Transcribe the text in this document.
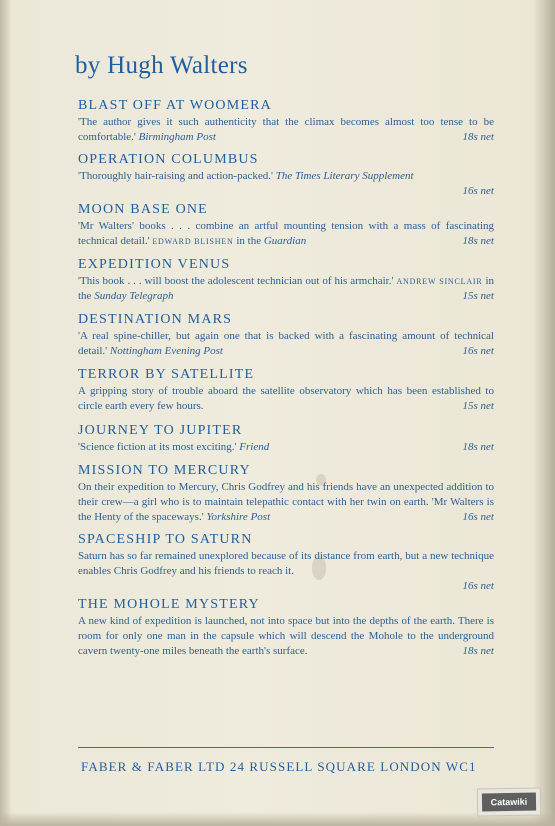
by Hugh Walters
BLAST OFF AT WOOMERA
'The author gives it such authenticity that the climax becomes almost too tense to be comfortable.' Birmingham Post	18s net
OPERATION COLUMBUS
'Thoroughly hair-raising and action-packed.' The Times Literary Supplement
16s net
MOON BASE ONE
'Mr Walters' books . . . combine an artful mounting tension with a mass of fascinating technical detail.' EDWARD BLISHEN in the Guardian	18s net
EXPEDITION VENUS
'This book . . . will boost the adolescent technician out of his armchair.' ANDREW SINCLAIR in the Sunday Telegraph	15s net
DESTINATION MARS
'A real spine-chiller, but again one that is backed with a fascinating amount of technical detail.' Nottingham Evening Post	16s net
TERROR BY SATELLITE
A gripping story of trouble aboard the satellite observatory which has been established to circle earth every few hours.	15s net
JOURNEY TO JUPITER
'Science fiction at its most exciting.' Friend	18s net
MISSION TO MERCURY
On their expedition to Mercury, Chris Godfrey and his friends have an unexpected addition to their crew—a girl who is to maintain telepathic contact with her twin on earth. 'Mr Walters is the Henty of the spaceways.' Yorkshire Post	16s net
SPACESHIP TO SATURN
Saturn has so far remained unexplored because of its distance from earth, but a new technique enables Chris Godfrey and his friends to reach it.
16s net
THE MOHOLE MYSTERY
A new kind of expedition is launched, not into space but into the depths of the earth. There is room for only one man in the capsule which will descend the Mohole to the underground cavern twenty-one miles beneath the earth's surface.	18s net
FABER & FABER LTD 24 RUSSELL SQUARE LONDON WC1
Catawiki
